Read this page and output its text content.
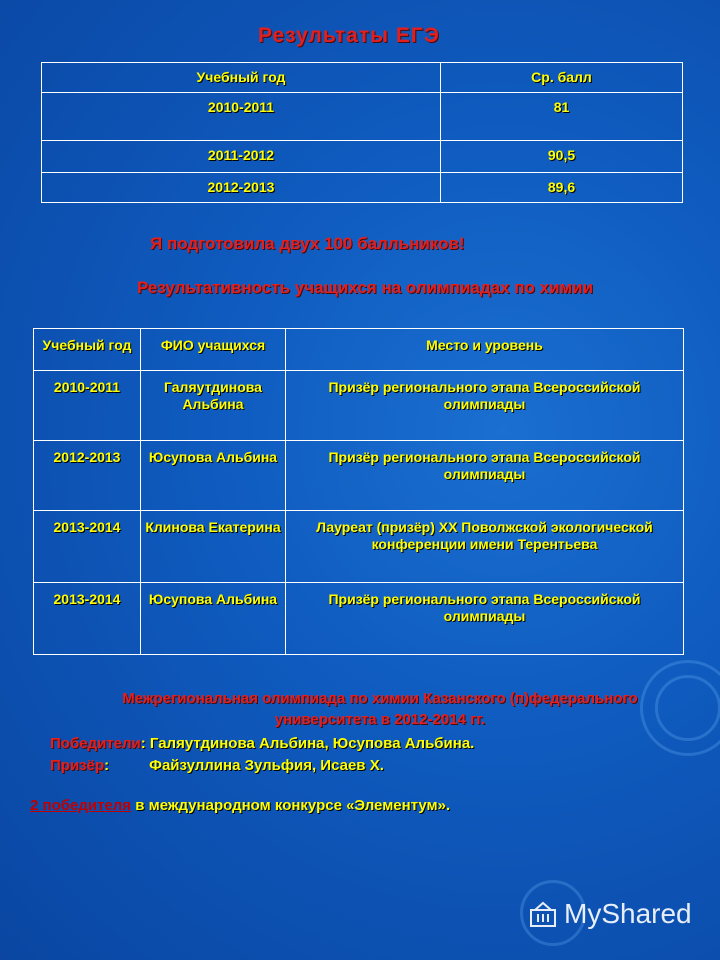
Результаты ЕГЭ
Учебный год	Ср. балл
2010-2011	81
2011-2012	90,5
2012-2013	89,6
Я подготовила двух 100 балльников!
Результативность учащихся на олимпиадах по химии
Учебный год	ФИО учащихся	Место и уровень
2010-2011	Галяутдинова Альбина	Призёр регионального этапа Всероссийской олимпиады
2012-2013	Юсупова Альбина	Призёр регионального этапа Всероссийской олимпиады
2013-2014	Клинова Екатерина	Лауреат (призёр) XX Поволжской экологической конференции имени Терентьева
2013-2014	Юсупова Альбина	Призёр регионального этапа Всероссийской олимпиады
Межрегиональная олимпиада по химии Казанского (п)федерального университета в 2012-2014 гг.
Победители: Галяутдинова Альбина, Юсупова Альбина.
Призёр:	Файзуллина Зульфия, Исаев Х.
2 победителя в международном конкурсе «Элементум».
MyShared
